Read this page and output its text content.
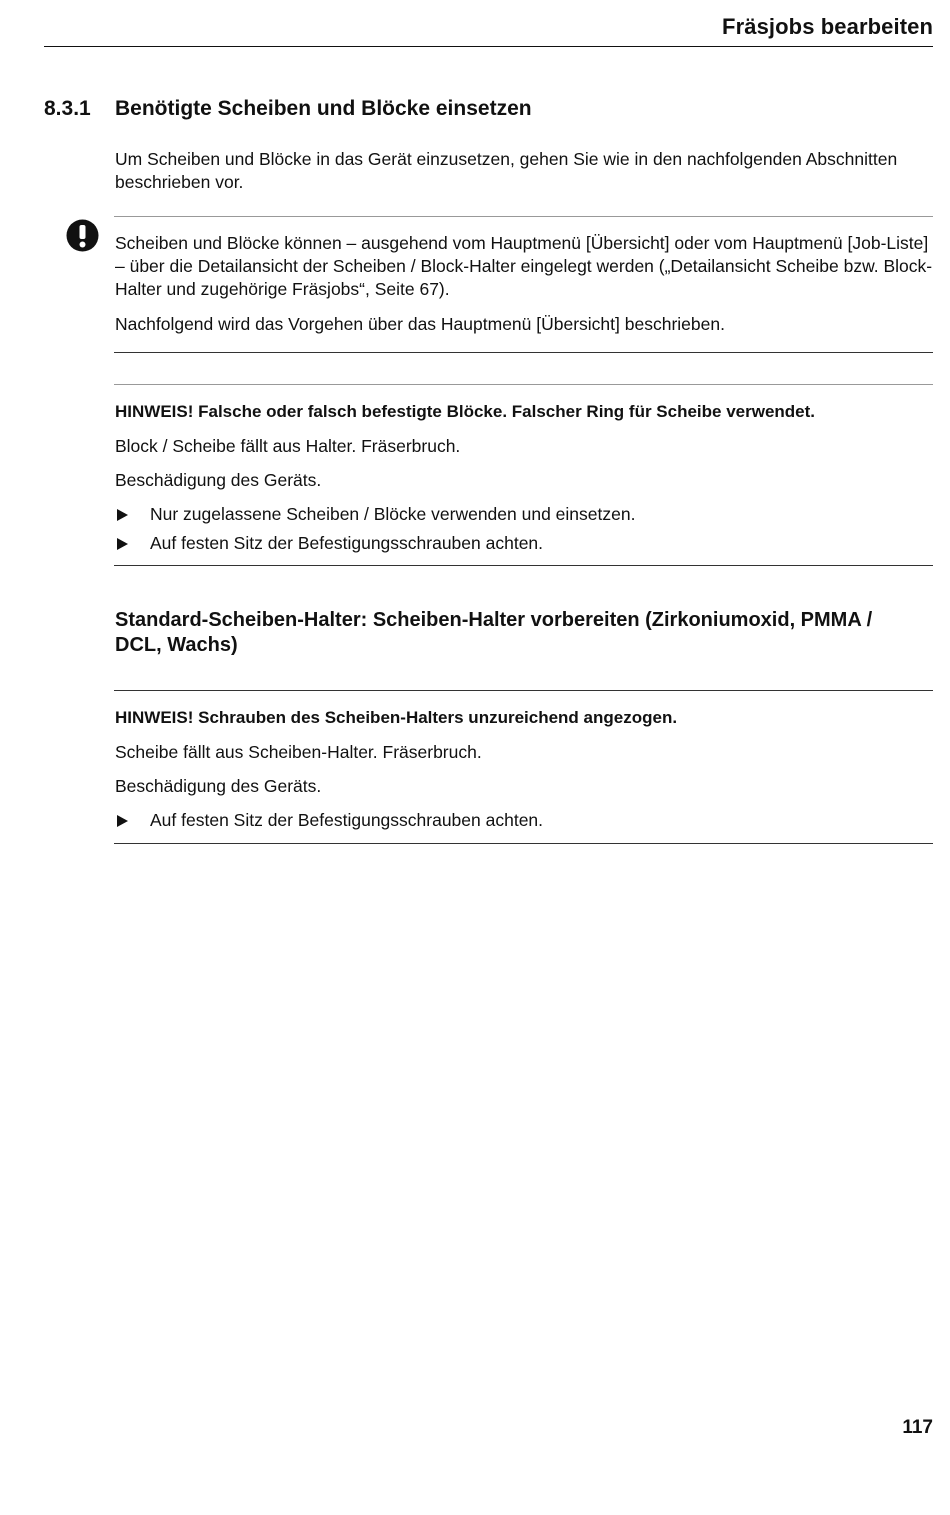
Fräsjobs bearbeiten
8.3.1 Benötigte Scheiben und Blöcke einsetzen
Um Scheiben und Blöcke in das Gerät einzusetzen, gehen Sie wie in den nachfolgenden Abschnitten beschrieben vor.

Scheiben und Blöcke können – ausgehend vom Hauptmenü [Übersicht] oder vom Hauptmenü [Job-Liste] – über die Detailansicht der Scheiben / Block-Halter eingelegt werden („Detailansicht Scheibe bzw. Block-Halter und zugehörige Fräsjobs“, Seite 67).

Nachfolgend wird das Vorgehen über das Hauptmenü [Übersicht] beschrieben.

HINWEIS! Falsche oder falsch befestigte Blöcke. Falscher Ring für Scheibe verwendet.

Block / Scheibe fällt aus Halter. Fräserbruch.

Beschädigung des Geräts.

Nur zugelassene Scheiben / Blöcke verwenden und einsetzen.
Auf festen Sitz der Befestigungsschrauben achten.
Standard-Scheiben-Halter: Scheiben-Halter vorbereiten (Zirkoniumoxid, PMMA / DCL, Wachs)

HINWEIS! Schrauben des Scheiben-Halters unzureichend angezogen.

Scheibe fällt aus Scheiben-Halter. Fräserbruch.

Beschädigung des Geräts.

Auf festen Sitz der Befestigungsschrauben achten.
117
